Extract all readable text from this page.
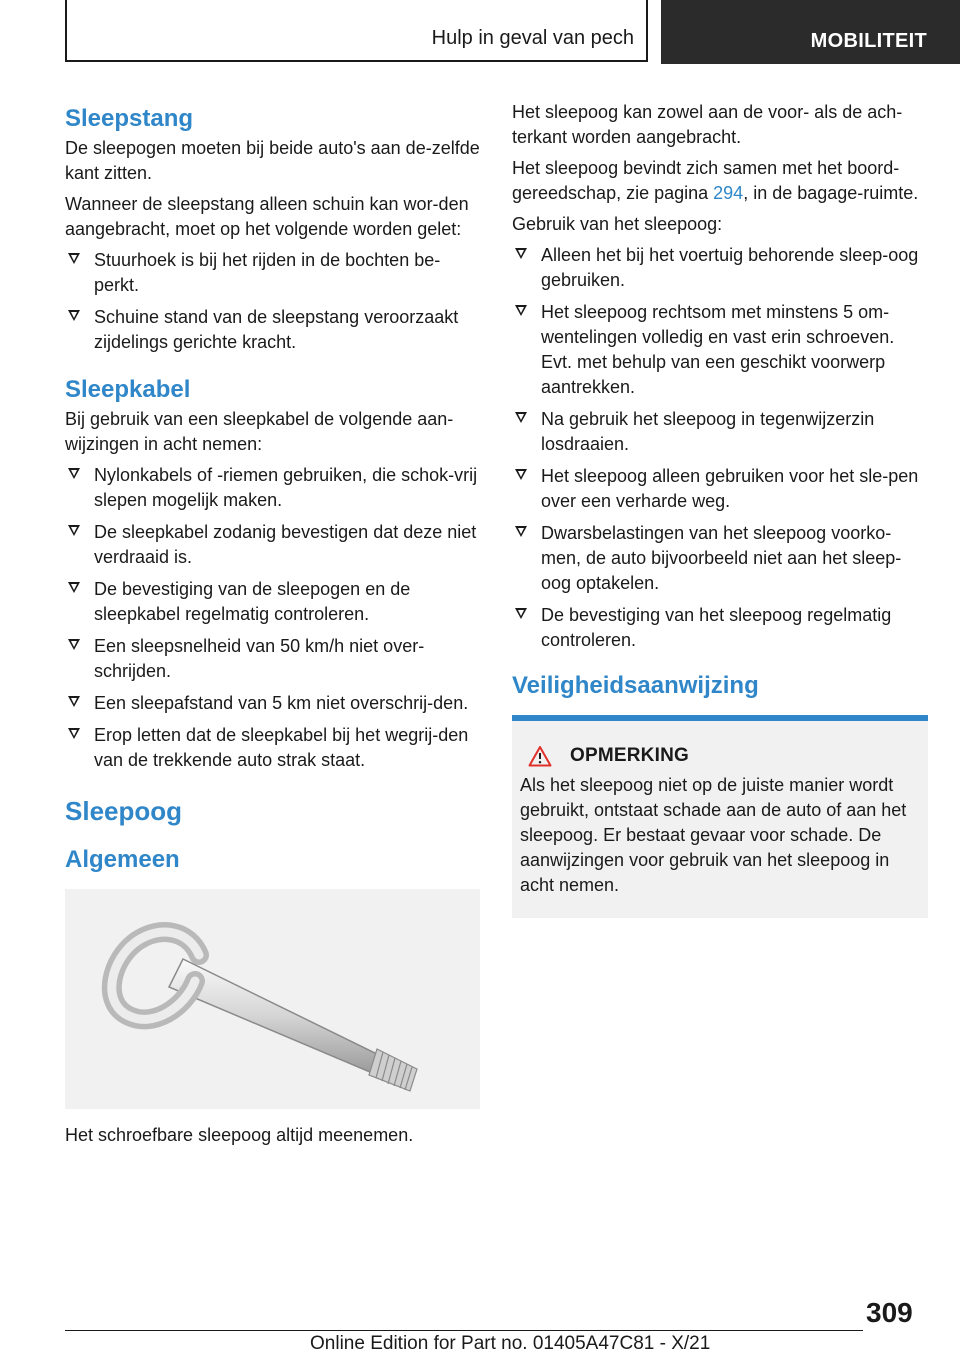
Hulp in geval van pech	MOBILITEIT
Sleepstang

De sleepogen moeten bij beide auto's aan de-zelfde kant zitten.

Wanneer de sleepstang alleen schuin kan wor-den aangebracht, moet op het volgende worden gelet:

Stuurhoek is bij het rijden in de bochten be-perkt.
Schuine stand van de sleepstang veroorzaakt zijdelings gerichte kracht.
Sleepkabel

Bij gebruik van een sleepkabel de volgende aan-wijzingen in acht nemen:

Nylonkabels of -riemen gebruiken, die schok-vrij slepen mogelijk maken.
De sleepkabel zodanig bevestigen dat deze niet verdraaid is.
De bevestiging van de sleepogen en de sleepkabel regelmatig controleren.
Een sleepsnelheid van 50 km/h niet over-schrijden.
Een sleepafstand van 5 km niet overschrij-den.
Erop letten dat de sleepkabel bij het wegrij-den van de trekkende auto strak staat.
Sleepoog
Algemeen

Het schroefbare sleepoog altijd meenemen.

Het sleepoog kan zowel aan de voor- als de ach-terkant worden aangebracht.

Het sleepoog bevindt zich samen met het boord-gereedschap, zie pagina 294, in de bagage-ruimte.

Gebruik van het sleepoog:

Alleen het bij het voertuig behorende sleep-oog gebruiken.
Het sleepoog rechtsom met minstens 5 om-wentelingen volledig en vast erin schroeven. Evt. met behulp van een geschikt voorwerp aantrekken.
Na gebruik het sleepoog in tegenwijzerzin losdraaien.
Het sleepoog alleen gebruiken voor het sle-pen over een verharde weg.
Dwarsbelastingen van het sleepoog voorko-men, de auto bijvoorbeeld niet aan het sleep-oog optakelen.
De bevestiging van het sleepoog regelmatig controleren.
Veiligheidsaanwijzing
OPMERKING

Als het sleepoog niet op de juiste manier wordt gebruikt, ontstaat schade aan de auto of aan het sleepoog. Er bestaat gevaar voor schade. De aanwijzingen voor gebruik van het sleepoog in acht nemen.

309
Online Edition for Part no. 01405A47C81 - X/21
